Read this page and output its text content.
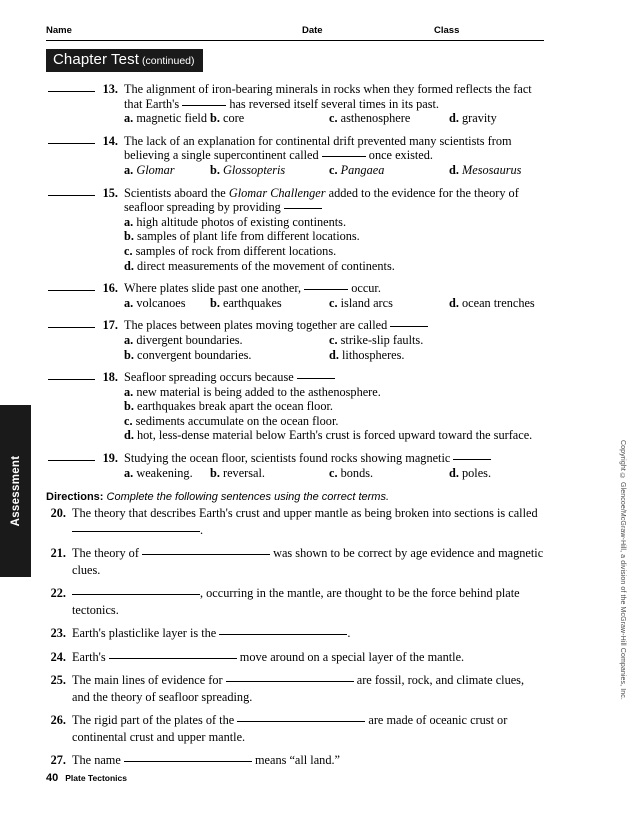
Assessment	Copyright © Glencoe/McGraw-Hill, a division of the McGraw-Hill Companies, Inc.
Name	Date	Class
Chapter Test (continued)
13. The alignment of iron-bearing minerals in rocks when they formed reflects the fact that Earth's	has reversed itself several times in its past.
a. magnetic field b. core	c. asthenosphere	d. gravity
14. The lack of an explanation for continental drift prevented many scientists from believing a single supercontinent called	once existed.
a. Glomar	b. Glossopteris	c. Pangaea	d. Mesosaurus
15. Scientists aboard the Glomar Challenger added to the evidence for the theory of seafloor spreading by providing
a. high altitude photos of existing continents.
b. samples of plant life from different locations.
c. samples of rock from different locations.
d. direct measurements of the movement of continents.
16. Where plates slide past one another,	occur.
a. volcanoes b. earthquakes	c. island arcs	d. ocean trenches
17. The places between plates moving together are called
a. divergent boundaries.
b. convergent boundaries.
c. strike-slip faults.
d. lithospheres.
18. Seafloor spreading occurs because
a. new material is being added to the asthenosphere.
b. earthquakes break apart the ocean floor.
c. sediments accumulate on the ocean floor.
d. hot, less-dense material below Earth's crust is forced upward toward the surface.
19. Studying the ocean floor, scientists found rocks showing magnetic
a. weakening. b. reversal.	c. bonds.	d. poles.
Directions: Complete the following sentences using the correct terms.
20. The theory that describes Earth's crust and upper mantle as being broken into sections is called .
21. The theory of	was shown to be correct by age evidence and magnetic clues.
22.	, occurring in the mantle, are thought to be the force behind plate tectonics.
23. Earth's plasticlike layer is the	.
24. Earth's	move around on a special layer of the mantle.
25. The main lines of evidence for	are fossil, rock, and climate clues, and the theory of seafloor spreading.
26. The rigid part of the plates of the	are made of oceanic crust or continental crust and upper mantle.
27. The name	means “all land.”
40 Plate Tectonics
